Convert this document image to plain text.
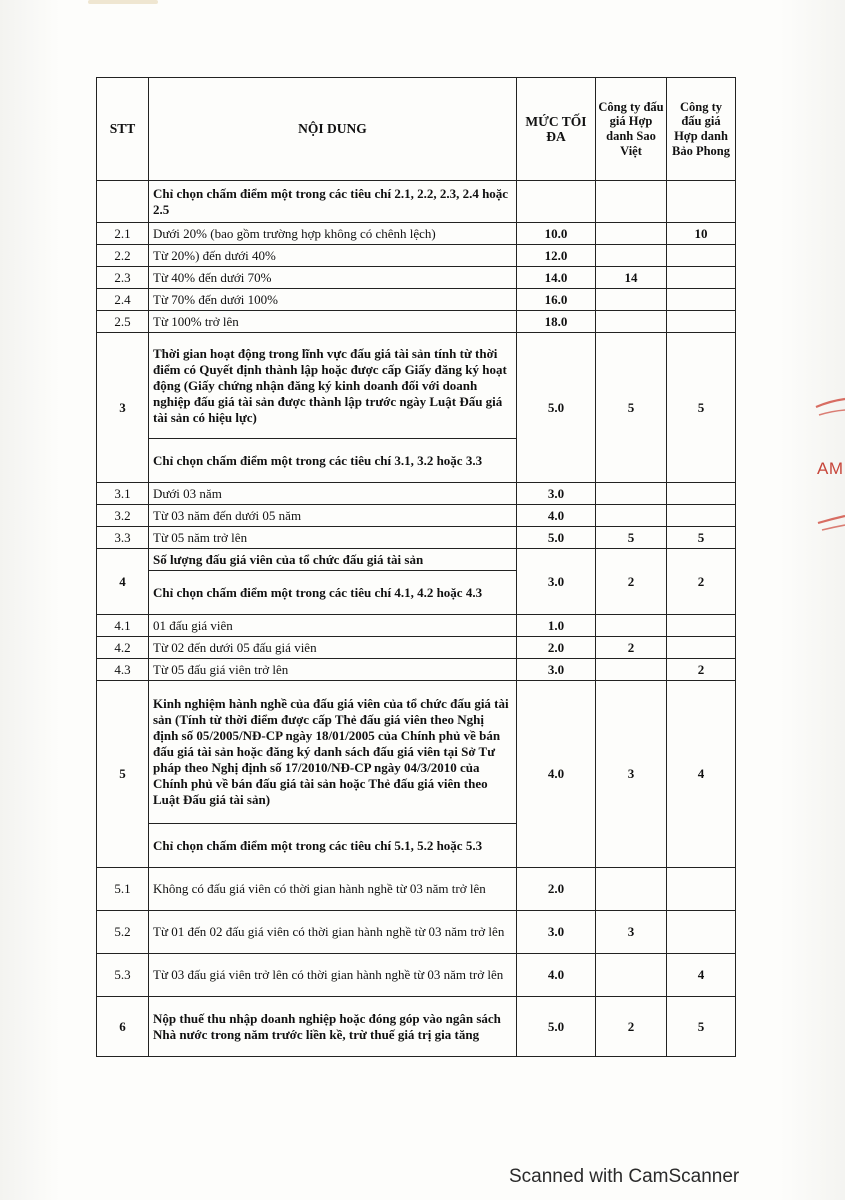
STT	NỘI DUNG	MỨC TỐI ĐA	Công ty đấu giá Hợp danh Sao Việt	Công ty đấu giá Hợp danh Bảo Phong
	Chỉ chọn chấm điểm một trong các tiêu chí 2.1, 2.2, 2.3, 2.4 hoặc 2.5			
2.1	Dưới 20% (bao gồm trường hợp không có chênh lệch)	10.0		10
2.2	Từ 20%) đến dưới 40%	12.0		
2.3	Từ 40% đến dưới 70%	14.0	14	
2.4	Từ 70% đến dưới 100%	16.0		
2.5	Từ 100% trở lên	18.0		
3	Thời gian hoạt động trong lĩnh vực đấu giá tài sản tính từ thời điểm có Quyết định thành lập hoặc được cấp Giấy đăng ký hoạt động (Giấy chứng nhận đăng ký kinh doanh đối với doanh nghiệp đấu giá tài sản được thành lập trước ngày Luật Đấu giá tài sản có hiệu lực)	5.0	5	5
	Chỉ chọn chấm điểm một trong các tiêu chí 3.1, 3.2 hoặc 3.3			
3.1	Dưới 03 năm	3.0		
3.2	Từ 03 năm đến dưới 05 năm	4.0		
3.3	Từ 05 năm trở lên	5.0	5	5
4	Số lượng đấu giá viên của tổ chức đấu giá tài sản	3.0	2	2
	Chỉ chọn chấm điểm một trong các tiêu chí 4.1, 4.2 hoặc 4.3			
4.1	01 đấu giá viên	1.0		
4.2	Từ 02 đến dưới 05 đấu giá viên	2.0	2	
4.3	Từ 05 đấu giá viên trở lên	3.0		2
5	Kinh nghiệm hành nghề của đấu giá viên của tổ chức đấu giá tài sản (Tính từ thời điểm được cấp Thẻ đấu giá viên theo Nghị định số 05/2005/NĐ-CP ngày 18/01/2005 của Chính phủ về bán đấu giá tài sản hoặc đăng ký danh sách đấu giá viên tại Sở Tư pháp theo Nghị định số 17/2010/NĐ-CP ngày 04/3/2010 của Chính phủ về bán đấu giá tài sản hoặc Thẻ đấu giá viên theo Luật Đấu giá tài sản)	4.0	3	4
	Chỉ chọn chấm điểm một trong các tiêu chí 5.1, 5.2 hoặc 5.3			
5.1	Không có đấu giá viên có thời gian hành nghề từ 03 năm trở lên	2.0		
5.2	Từ 01 đến 02 đấu giá viên có thời gian hành nghề từ 03 năm trở lên	3.0	3	
5.3	Từ 03 đấu giá viên trở lên có thời gian hành nghề từ 03 năm trở lên	4.0		4
6	Nộp thuế thu nhập doanh nghiệp hoặc đóng góp vào ngân sách Nhà nước trong năm trước liền kề, trừ thuế giá trị gia tăng	5.0	2	5
AM
Scanned with CamScanner
